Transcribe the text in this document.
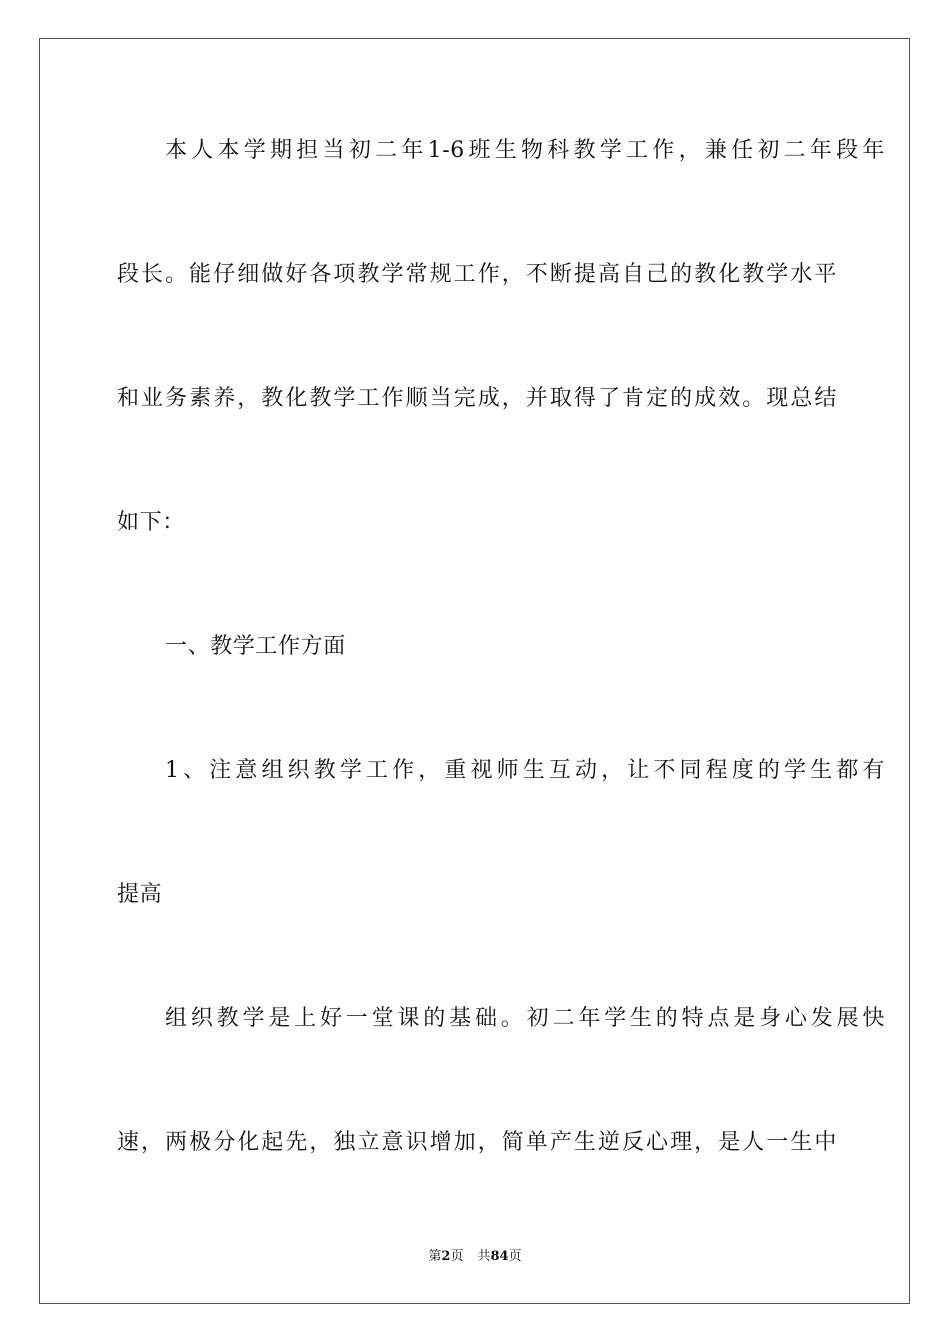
本人本学期担当初二年1-6班生物科教学工作，兼任初二年段年
段长。能仔细做好各项教学常规工作，不断提高自己的教化教学水平
和业务素养，教化教学工作顺当完成，并取得了肯定的成效。现总结
如下：
一、教学工作方面
1、注意组织教学工作，重视师生互动，让不同程度的学生都有
提高
组织教学是上好一堂课的基础。初二年学生的特点是身心发展快
速，两极分化起先，独立意识增加，简单产生逆反心理，是人一生中
第2页 共84页
